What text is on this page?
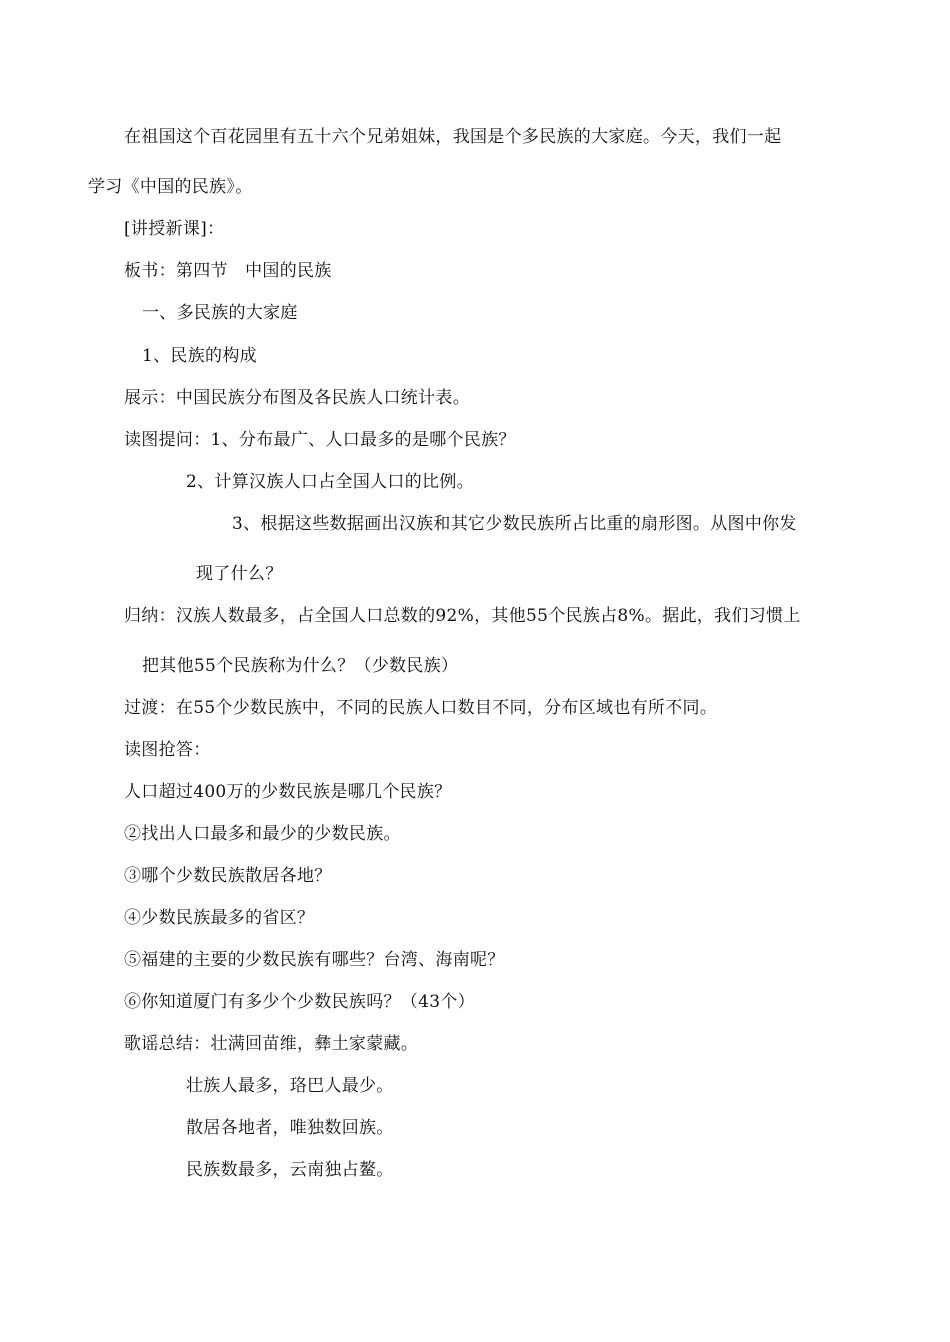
在祖国这个百花园里有五十六个兄弟姐妹，我国是个多民族的大家庭。今天，我们一起
学习《中国的民族》。
[讲授新课]：
板书：第四节　中国的民族
一、多民族的大家庭
1、民族的构成
展示：中国民族分布图及各民族人口统计表。
读图提问：1、分布最广、人口最多的是哪个民族？
2、计算汉族人口占全国人口的比例。
3、根据这些数据画出汉族和其它少数民族所占比重的扇形图。从图中你发
现了什么？
归纳：汉族人数最多，占全国人口总数的92%，其他55个民族占8%。据此，我们习惯上
把其他55个民族称为什么？（少数民族）
过渡：在55个少数民族中，不同的民族人口数目不同，分布区域也有所不同。
读图抢答：
人口超过400万的少数民族是哪几个民族？
②找出人口最多和最少的少数民族。
③哪个少数民族散居各地？
④少数民族最多的省区？
⑤福建的主要的少数民族有哪些？台湾、海南呢？
⑥你知道厦门有多少个少数民族吗？（43个）
歌谣总结：壮满回苗维，彝土家蒙藏。
壮族人最多，珞巴人最少。
散居各地者，唯独数回族。
民族数最多，云南独占鳌。
